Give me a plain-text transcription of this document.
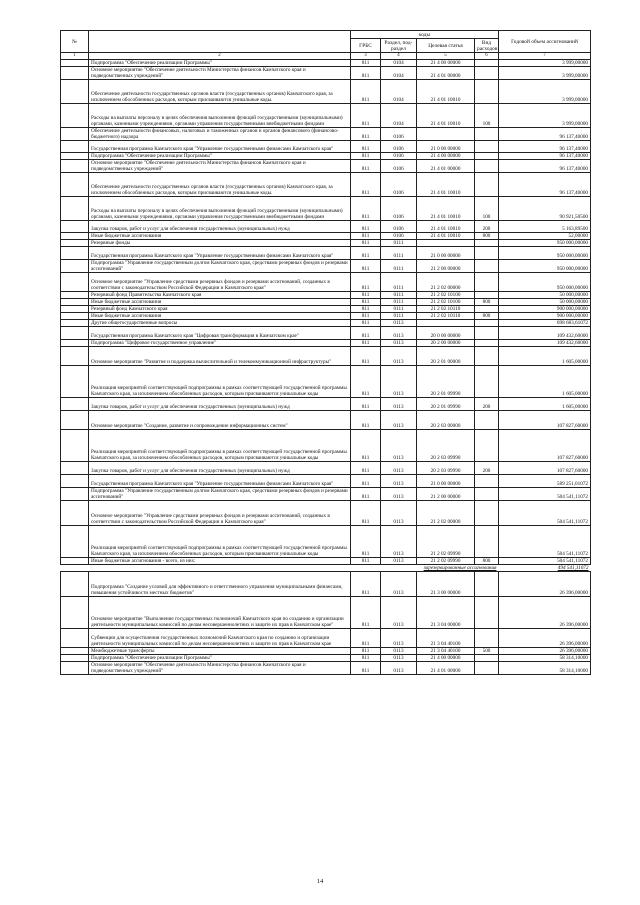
№		коды				Годовой объем ассигнований
		ГРБС	Раздел, под-раздел	Целевая статья	Вид расходов	
1	2	3	4	5	6	7
	Подпрограмма "Обеспечение реализации Программы"	811	0104	21 4 00 00000		3 999,00000
	Основное мероприятие "Обеспечение деятельности Министерства финансов Камчатского края и подведомственных учреждений"	811	0104	21 4 01 00000		3 999,00000
	Обеспечение деятельности государственных органов власти (государственных органов) Камчатского края, за исключением обособленных расходов, которым присваиваются уникальные коды.	811	0104	21 4 01 10010		3 999,00000
	Расходы на выплаты персоналу в целях обеспечения выполнения функций государственными (муниципальными) органами, казенными учреждениями, органами управления государственными внебюджетными фондами	811	0104	21 4 01 10010	100	3 999,00000
	Обеспечение деятельности финансовых, налоговых и таможенных органов и органов финансового (финансово-бюджетного) надзора	811	0106			96 137,40000
	Государственная программа Камчатского края "Управление государственными финансами Камчатского края"	811	0106	21 0 00 00000		96 137,40000
	Подпрограмма "Обеспечение реализации Программы"	811	0106	21 4 00 00000		96 137,40000
	Основное мероприятие "Обеспечение деятельности Министерства финансов Камчатского края и подведомственных учреждений"	811	0106	21 4 01 00000		96 137,40000
	Обеспечение деятельности государственных органов власти (государственных органов) Камчатского края, за исключением обособленных расходов, которым присваиваются уникальные коды.	811	0106	21 4 01 10010		96 137,40000
	Расходы на выплаты персоналу в целях обеспечения выполнения функций государственными (муниципальными) органами, казенными учреждениями, органами управления государственными внебюджетными фондами	811	0106	21 4 01 10010	100	90 921,50500
	Закупка товаров, работ и услуг для обеспечения государственных (муниципальных) нужд	811	0106	21 4 01 10010	200	5 163,89500
	Иные бюджетные ассигнования	811	0106	21 4 01 10010	800	52,00000
	Резервные фонды	811	0111			950 000,00000
	Государственная программа Камчатского края "Управление государственными финансами Камчатского края"	811	0111	21 0 00 00000		950 000,00000
	Подпрограмма "Управление государственным долгом Камчатского края, средствами резервных фондов и резервами ассигнований"	811	0111	21 2 00 00000		950 000,00000
	Основное мероприятие "Управление средствами резервных фондов и резервами ассигнований, созданных в соответствии с законодательством Российской Федерации и Камчатского края"	811	0111	21 2 02 00000		950 000,00000
	Резервный фонд Правительства Камчатского края	811	0111	21 2 02 10100		50 000,00000
	Иные бюджетные ассигнования	811	0111	21 2 02 10100	800	50 000,00000
	Резервный фонд Камчатского края	811	0111	21 2 02 10110		900 000,00000
	Иные бюджетные ассигнования	811	0111	21 2 02 10110	800	900 000,00000
	Другие общегосударственные вопросы	811	0113			698 683,61072
	Государственная программа Камчатского края "Цифровая трансформация в Камчатском крае"	811	0113	20 0 00 00000		109 432,60000
	Подпрограмма "Цифровое государственное управление"	811	0113	20 2 00 00000		109 432,60000
	Основное мероприятие "Развитие и поддержка вычислительной и телекоммуникационной инфраструктуры"	811	0113	20 2 01 00000		1 605,00000
	Реализация мероприятий соответствующей подпрограммы в рамках соответствующей государственной программы Камчатского края, за исключением обособленных расходов, которым присваиваются уникальные коды	811	0113	20 2 01 09990		1 605,00000
	Закупка товаров, работ и услуг для обеспечения государственных (муниципальных) нужд	811	0113	20 2 01 09990	200	1 605,00000
	Основное мероприятие "Создание, развитие и сопровождение информационных систем"	811	0113	20 2 03 00000		107 827,60000
	Реализация мероприятий соответствующей подпрограммы в рамках соответствующей государственной программы Камчатского края, за исключением обособленных расходов, которым присваиваются уникальные коды	811	0113	20 2 03 09990		107 827,60000
	Закупка товаров, работ и услуг для обеспечения государственных (муниципальных) нужд	811	0113	20 2 03 09990	200	107 827,60000
	Государственная программа Камчатского края "Управление государственными финансами Камчатского края"	811	0113	21 0 00 00000		589 251,01072
	Подпрограмма "Управление государственным долгом Камчатского края, средствами резервных фондов и резервами ассигнований"	811	0113	21 2 00 00000		504 541,11072
	Основное мероприятие "Управление средствами резервных фондов и резервами ассигнований, созданных в соответствии с законодательством Российской Федерации и Камчатского края"	811	0113	21 2 02 00000		504 541,11072
	Реализация мероприятий соответствующей подпрограммы в рамках соответствующей государственной программы Камчатского края, за исключением обособленных расходов, которым присваиваются уникальные коды	811	0113	21 2 02 09990		504 541,11072
	Иные бюджетные ассигнования - всего, из них:	811	0113	21 2 02 09990	800	504 541,11072
		зарезервированные ассигнования				494 541,11072
	Подпрограмма "Создание условий для эффективного и ответственного управления муниципальными финансами, повышения устойчивости местных бюджетов"	811	0113	21 3 00 00000		26 396,00000
	Основное мероприятие "Выполнение государственных полномочий Камчатского края по созданию и организации деятельности муниципальных комиссий по делам несовершеннолетних и защите их прав в Камчатском крае"	811	0113	21 3 04 00000		26 396,00000
	Субвенции для осуществления государственных полномочий Камчатского края по созданию и организации деятельности муниципальных комиссий по делам несовершеннолетних и защите их прав в Камчатском крае	811	0113	21 3 04 40100		26 396,00000
	Межбюджетные трансферты	811	0113	21 3 04 40100	500	26 396,00000
	Подпрограмма "Обеспечение реализации Программы"	811	0113	21 4 00 00000		58 314,10000
	Основное мероприятие "Обеспечение деятельности Министерства финансов Камчатского края и подведомственных учреждений"	811	0113	21 4 01 00000		58 314,10000
14
